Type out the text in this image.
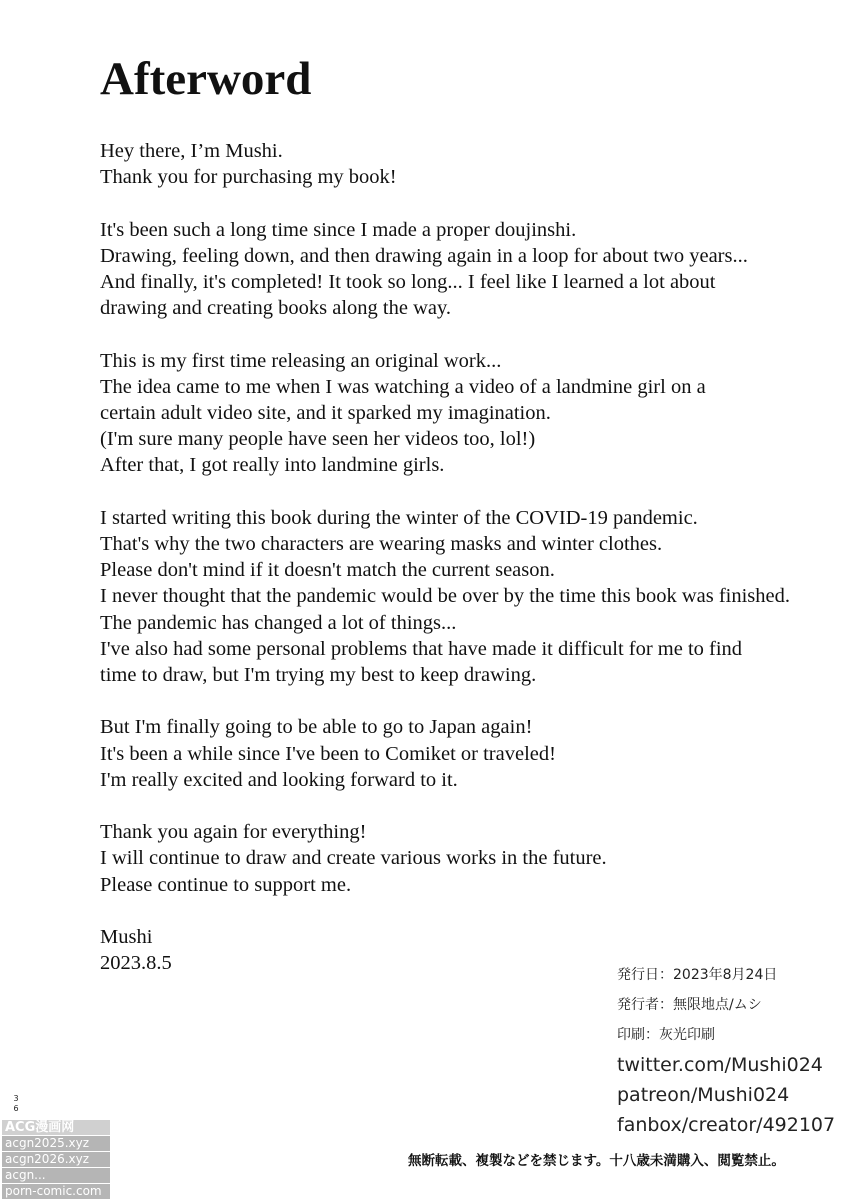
Afterword

Hey there, I’m Mushi.
Thank you for purchasing my book!

It's been such a long time since I made a proper doujinshi.
Drawing, feeling down, and then drawing again in a loop for about two years...
And finally, it's completed! It took so long... I feel like I learned a lot about
drawing and creating books along the way.

This is my first time releasing an original work...
The idea came to me when I was watching a video of a landmine girl on a
certain adult video site, and it sparked my imagination.
(I'm sure many people have seen her videos too, lol!)
After that, I got really into landmine girls.

I started writing this book during the winter of the COVID-19 pandemic.
That's why the two characters are wearing masks and winter clothes.
Please don't mind if it doesn't match the current season.
I never thought that the pandemic would be over by the time this book was finished.
The pandemic has changed a lot of things...
I've also had some personal problems that have made it difficult for me to find
time to draw, but I'm trying my best to keep drawing.

But I'm finally going to be able to go to Japan again!
It's been a while since I've been to Comiket or traveled!
I'm really excited and looking forward to it.

Thank you again for everything!
I will continue to draw and create various works in the future.
Please continue to support me.

Mushi
2023.8.5

発行日：2023年8月24日
発行者：無限地点/ムシ
印刷：灰光印刷
twitter.com/Mushi024
patreon/Mushi024
fanbox/creator/492107
3
6
無断転載、複製などを禁じます。十八歳未満購入、閲覧禁止。
ACG漫画网
acgn2025.xyz
acgn2026.xyz
acgn...
porn-comic.com
